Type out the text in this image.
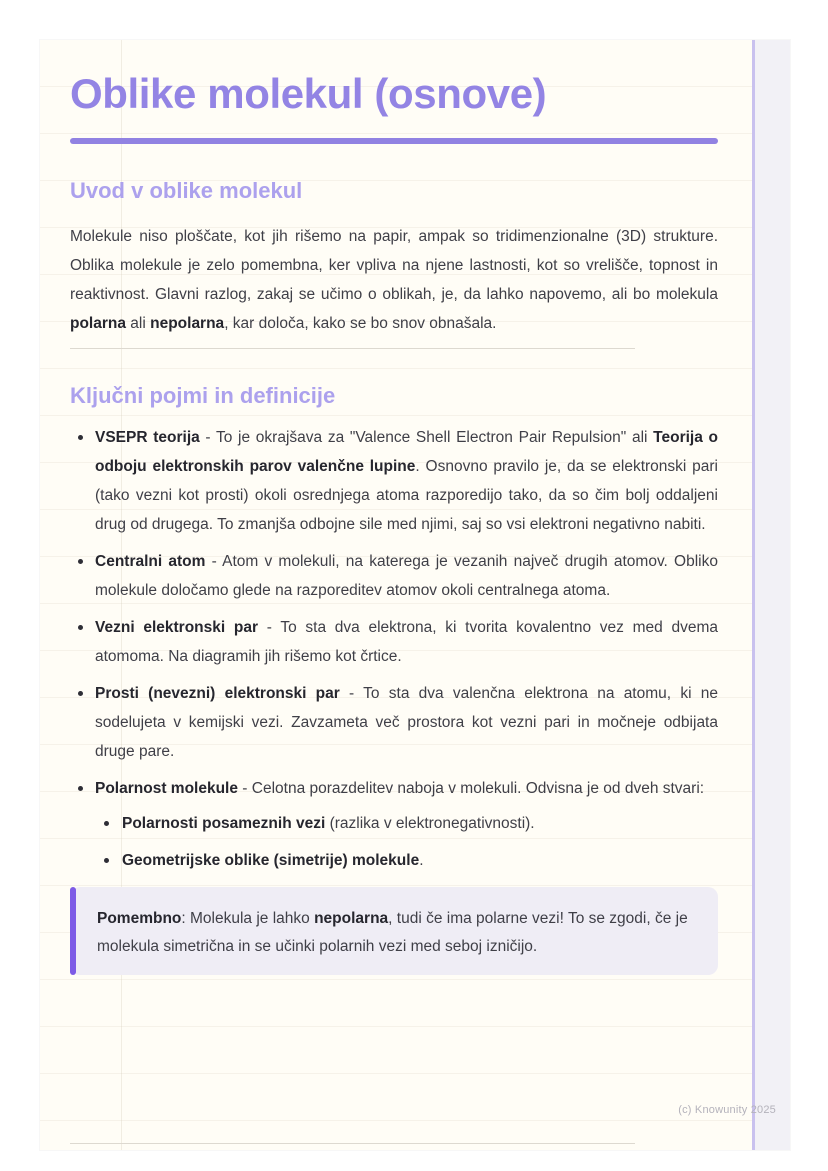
Oblike molekul (osnove)
Uvod v oblike molekul

Molekule niso ploščate, kot jih rišemo na papir, ampak so tridimenzionalne (3D) strukture. Oblika molekule je zelo pomembna, ker vpliva na njene lastnosti, kot so vrelišče, topnost in reaktivnost. Glavni razlog, zakaj se učimo o oblikah, je, da lahko napovemo, ali bo molekula polarna ali nepolarna, kar določa, kako se bo snov obnašala.

Ključni pojmi in definicije
VSEPR teorija - To je okrajšava za "Valence Shell Electron Pair Repulsion" ali Teorija o odboju elektronskih parov valenčne lupine. Osnovno pravilo je, da se elektronski pari (tako vezni kot prosti) okoli osrednjega atoma razporedijo tako, da so čim bolj oddaljeni drug od drugega. To zmanjša odbojne sile med njimi, saj so vsi elektroni negativno nabiti.
Centralni atom - Atom v molekuli, na katerega je vezanih največ drugih atomov. Obliko molekule določamo glede na razporeditev atomov okoli centralnega atoma.
Vezni elektronski par - To sta dva elektrona, ki tvorita kovalentno vez med dvema atomoma. Na diagramih jih rišemo kot črtice.
Prosti (nevezni) elektronski par - To sta dva valenčna elektrona na atomu, ki ne sodelujeta v kemijski vezi. Zavzameta več prostora kot vezni pari in močneje odbijata druge pare.
Polarnost molekule - Celotna porazdelitev naboja v molekuli. Odvisna je od dveh stvari:
Polarnosti posameznih vezi (razlika v elektronegativnosti).
Geometrijske oblike (simetrije) molekule.

Pomembno: Molekula je lahko nepolarna, tudi če ima polarne vezi! To se zgodi, če je molekula simetrična in se učinki polarnih vezi med seboj izničijo.

(c) Knowunity 2025
